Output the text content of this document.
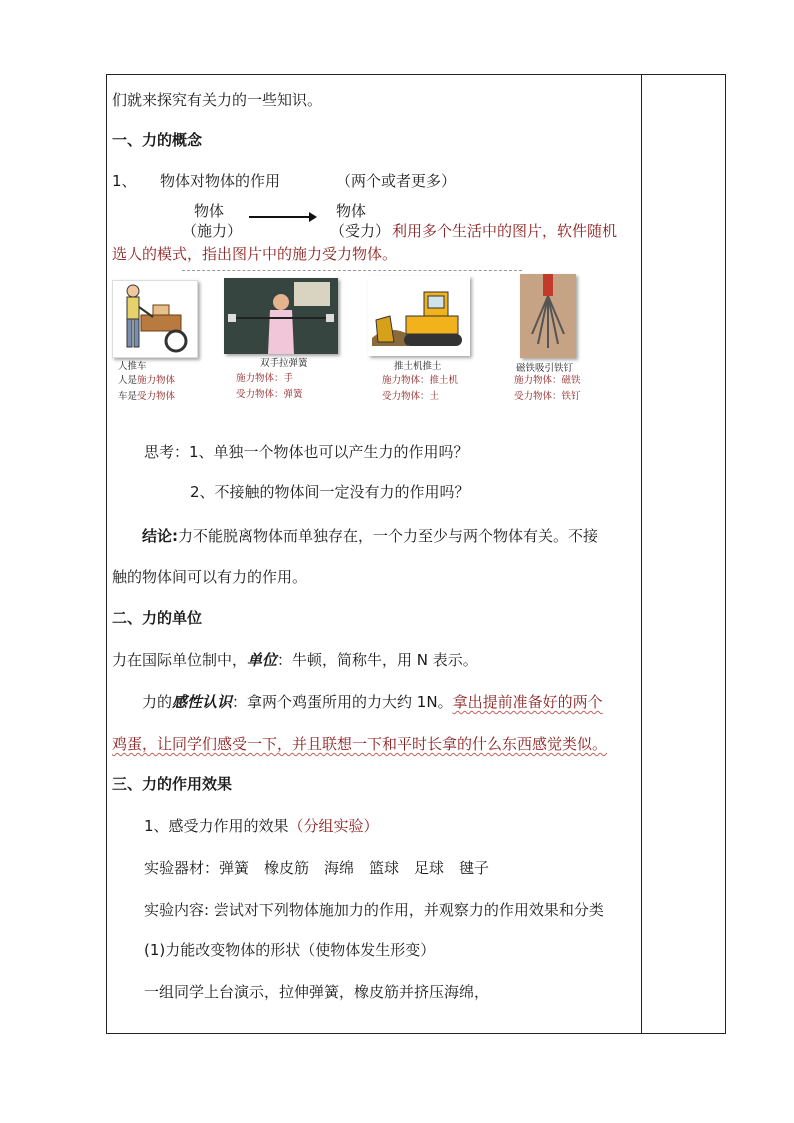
们就来探究有关力的一些知识。
一、力的概念
1、 物体对物体的作用	（两个或者更多）
物体	物体
（施力）	（受力） 利用多个生活中的图片，软件随机
选人的模式，指出图片中的施力受力物体。
人推车
人是施力物体
车是受力物体
双手拉弹簧
施力物体：手
受力物体：弹簧
推土机推土
施力物体：推土机
受力物体：土
磁铁吸引铁钉
施力物体：磁铁
受力物体：铁钉
思考：1、单独一个物体也可以产生力的作用吗？
2、不接触的物体间一定没有力的作用吗？
结论:力不能脱离物体而单独存在，一个力至少与两个物体有关。不接
触的物体间可以有力的作用。
二、力的单位
力在国际单位制中，单位：牛顿，简称牛，用 N 表示。
力的感性认识：拿两个鸡蛋所用的力大约 1N。拿出提前准备好的两个
鸡蛋，让同学们感受一下，并且联想一下和平时长拿的什么东西感觉类似。
三、力的作用效果
1、感受力作用的效果（分组实验）
实验器材：弹簧　橡皮筋　海绵　篮球　足球　毽子
实验内容: 尝试对下列物体施加力的作用，并观察力的作用效果和分类
(1)力能改变物体的形状（使物体发生形变）
一组同学上台演示，拉伸弹簧，橡皮筋并挤压海绵，
